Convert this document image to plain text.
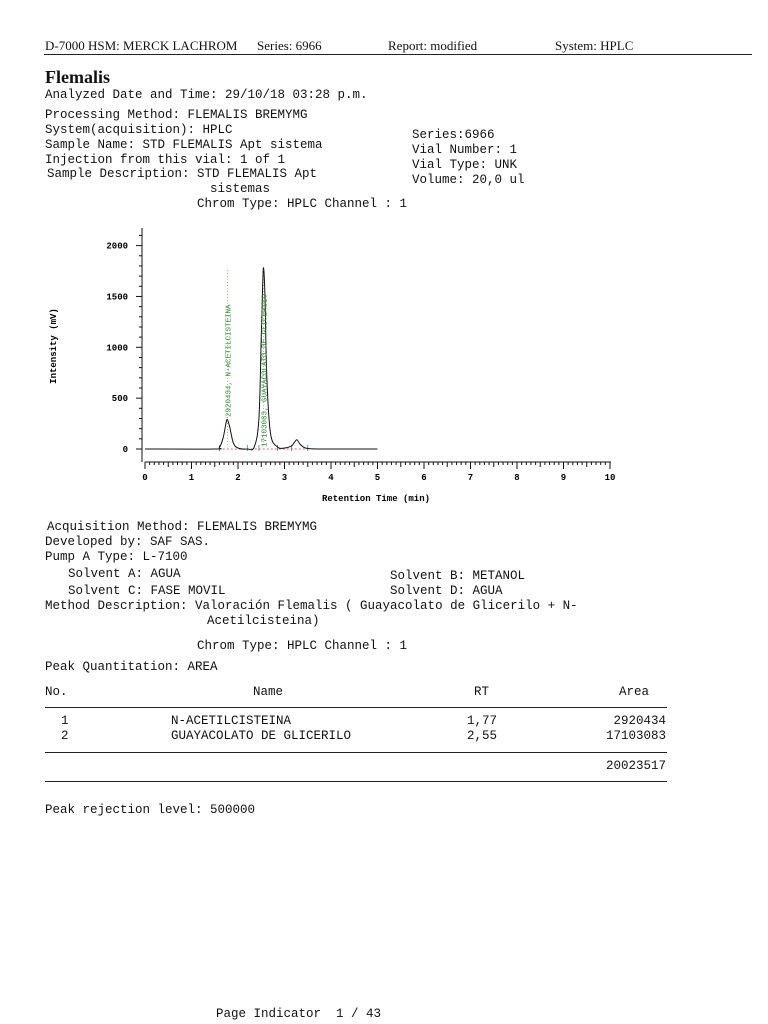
D-7000 HSM: MERCK LACHROM Series: 6966	Report: modified	System: HPLC
Flemalis
Analyzed Date and Time: 29/10/18 03:28 p.m.
Processing Method: FLEMALIS BREMYMG
System(acquisition): HPLC
Sample Name: STD FLEMALIS Apt sistema
Injection from this vial: 1 of 1
Sample Description: STD FLEMALIS Apt
sistemas
Chrom Type: HPLC Channel : 1
Series:6966
Vial Number: 1
Vial Type: UNK
Volume: 20,0 ul
0
500
1000
1500
2000
0	1	2	3	4	5	6	7	8	9	10
2920434, N-ACETILCISTEINA	17103083, GUAYACOLATO DE GLICERILO
Intensity (mV)
Retention Time (min)
Acquisition Method: FLEMALIS BREMYMG
Developed by: SAF SAS.
Pump A Type: L-7100
Solvent A: AGUA	Solvent B: METANOL
Solvent C: FASE MOVIL	Solvent D: AGUA
Method Description: Valoración Flemalis ( Guayacolato de Glicerilo + N-
Acetilcisteina)
Chrom Type: HPLC Channel : 1
Peak Quantitation: AREA
No.	Name	RT	Area
1	N-ACETILCISTEINA	1,77	2920434
2	GUAYACOLATO DE GLICERILO	2,55	17103083
20023517
Peak rejection level: 500000
Page Indicator  1 / 43
